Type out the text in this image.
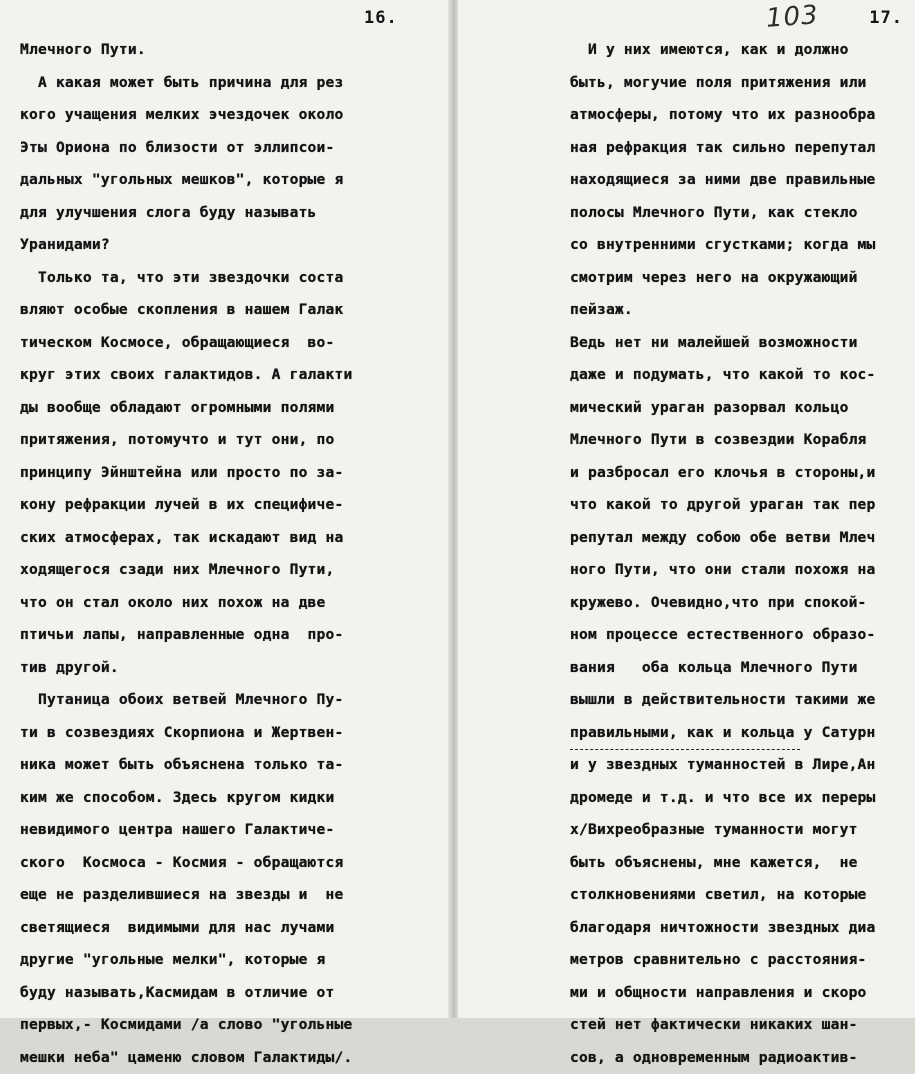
16.
Млечного Пути.
А какая может быть причина для рез
кого учащения мелких эчездочек около
Эты Ориона по близости от эллипсои-
дальных "угольных мешков", которые я
для улучшения слога буду называть
Уранидами?
Только та, что эти звездочки соста
вляют особые скопления в нашем Галак
тическом Космосе, обращающиеся  во-
круг этих своих галактидов. А галакти
ды вообще обладают огромными полями
притяжения, потомучто и тут они, по
принципу Эйнштейна или просто по за-
кону рефракции лучей в их специфиче-
ских атмосферах, так искадают вид на
ходящегося сзади них Млечного Пути,
что он стал около них похож на две
птичьи лапы, направленные одна  про-
тив другой.
Путаница обоих ветвей Млечного Пу-
ти в созвездиях Скорпиона и Жертвен-
ника может быть объяснена только та-
ким же способом. Здесь кругом кидки
невидимого центра нашего Галактиче-
ского  Космоса - Космия - обращаются
еще не разделившиеся на звезды и  не
светящиеся  видимыми для нас лучами
другие "угольные мелки", которые я
буду называть,Касмидам в отличие от
первых,- Космидами /а слово "угольные
мешки неба" цаменю словом Галактиды/.
103	17.
И у них имеются, как и должно
быть, могучие поля притяжения или
атмосферы, потому что их разнообра
ная рефракция так сильно перепутал
находящиеся за ними две правильные
полосы Млечного Пути, как стекло
со внутренними сгустками; когда мы
смотрим через него на окружающий
пейзаж.
Ведь нет ни малейшей возможности
даже и подумать, что какой то кос-
мический ураган разорвал кольцо
Млечного Пути в созвездии Корабля
и разбросал его клочья в стороны,и
что какой то другой ураган так пер
репутал между собою обе ветви Млеч
ного Пути, что они стали похожя на
кружево. Очевидно,что при спокой-
ном процессе естественного образо-
вания   оба кольца Млечного Пути
вышли в действительности такими же
правильными, как и кольца у Сатурн
и у звездных туманностей в Лире,Ан
дромеде и т.д. и что все их переры
x/Вихреобразные туманности могут
быть объяснены, мне кажется,  не
столкновениями светил, на которые
благодаря ничтожности звездных диа
метров сравнительно с расстояния-
ми и общности направления и скоро
стей нет фактически никаких шан-
сов, а одновременным радиоактив-
